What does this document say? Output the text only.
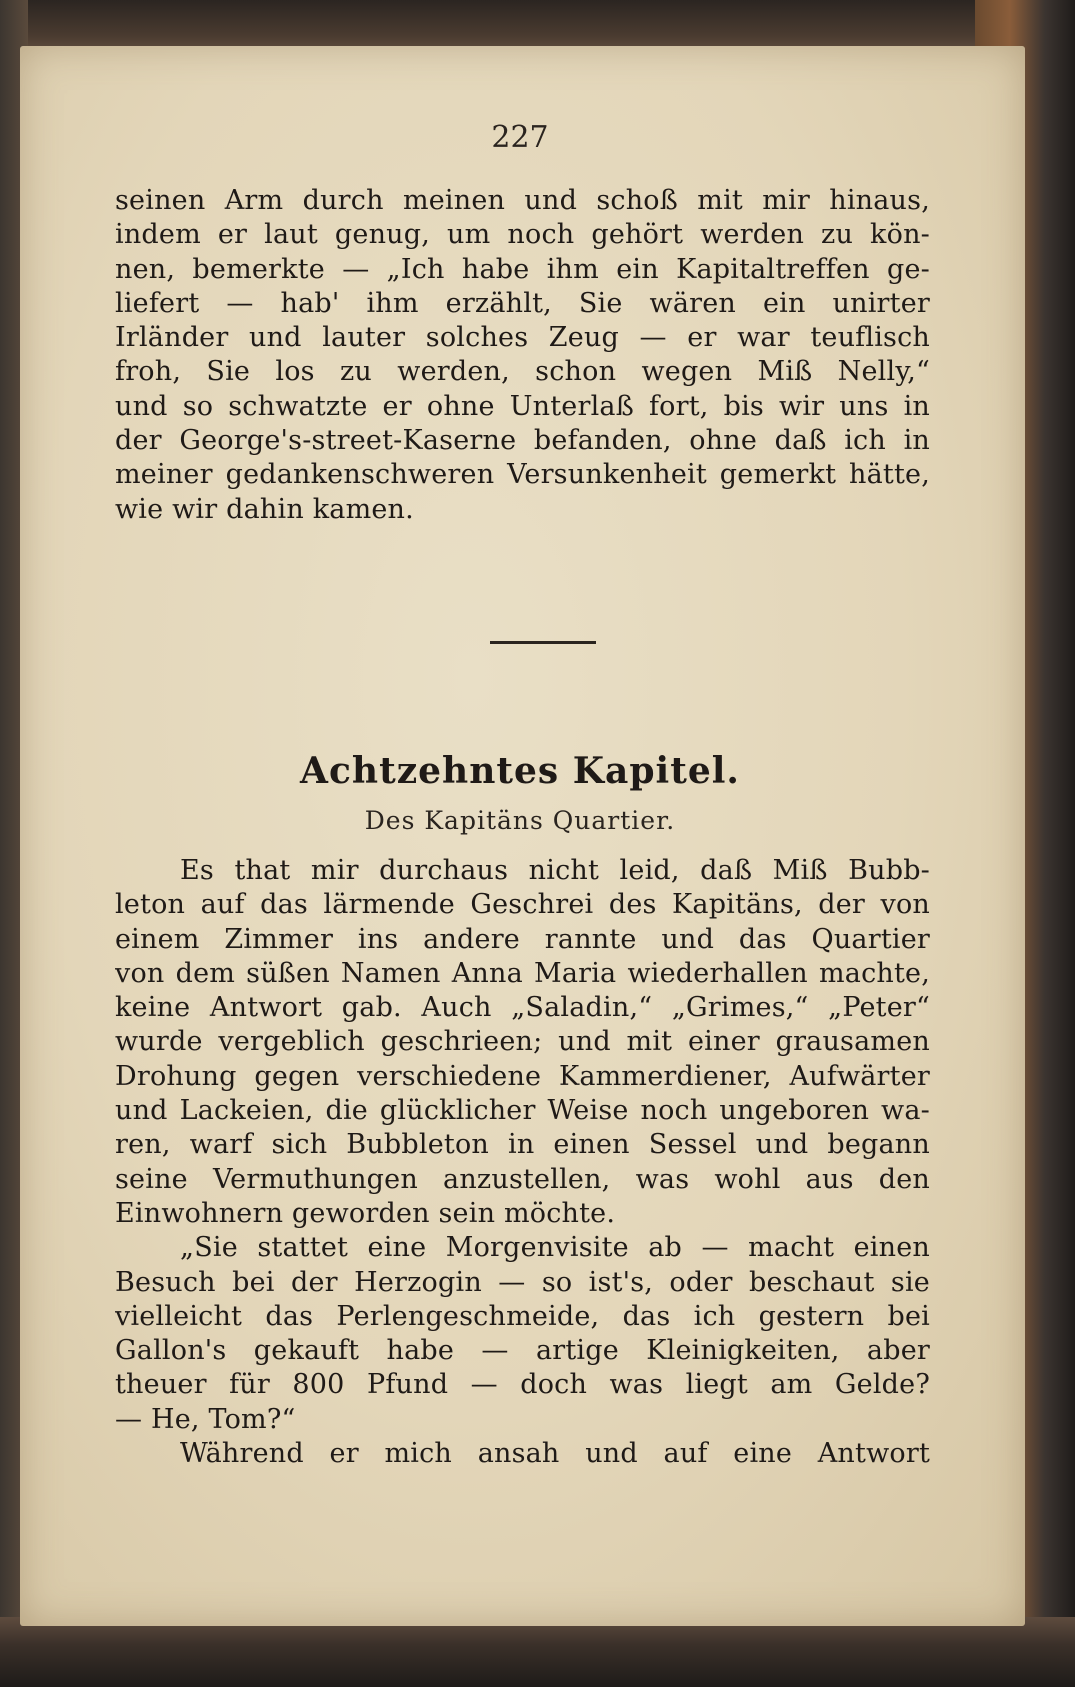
227
seinen Arm durch meinen und schoß mit mir hinaus,
indem er laut genug, um noch gehört werden zu kön-
nen, bemerkte — „Ich habe ihm ein Kapitaltreffen ge-
liefert — hab' ihm erzählt, Sie wären ein unirter
Irländer und lauter solches Zeug — er war teuflisch
froh, Sie los zu werden, schon wegen Miß Nelly,“
und so schwatzte er ohne Unterlaß fort, bis wir uns in
der George's-street-Kaserne befanden, ohne daß ich in
meiner gedankenschweren Versunkenheit gemerkt hätte,
wie wir dahin kamen.
Achtzehntes Kapitel.
Des Kapitäns Quartier.
Es that mir durchaus nicht leid, daß Miß Bubb-
leton auf das lärmende Geschrei des Kapitäns, der von
einem Zimmer ins andere rannte und das Quartier
von dem süßen Namen Anna Maria wiederhallen machte,
keine Antwort gab. Auch „Saladin,“ „Grimes,“ „Peter“
wurde vergeblich geschrieen; und mit einer grausamen
Drohung gegen verschiedene Kammerdiener, Aufwärter
und Lackeien, die glücklicher Weise noch ungeboren wa-
ren, warf sich Bubbleton in einen Sessel und begann
seine Vermuthungen anzustellen, was wohl aus den
Einwohnern geworden sein möchte.
„Sie stattet eine Morgenvisite ab — macht einen
Besuch bei der Herzogin — so ist's, oder beschaut sie
vielleicht das Perlengeschmeide, das ich gestern bei
Gallon's gekauft habe — artige Kleinigkeiten, aber
theuer für 800 Pfund — doch was liegt am Gelde?
— He, Tom?“
Während er mich ansah und auf eine Antwort
